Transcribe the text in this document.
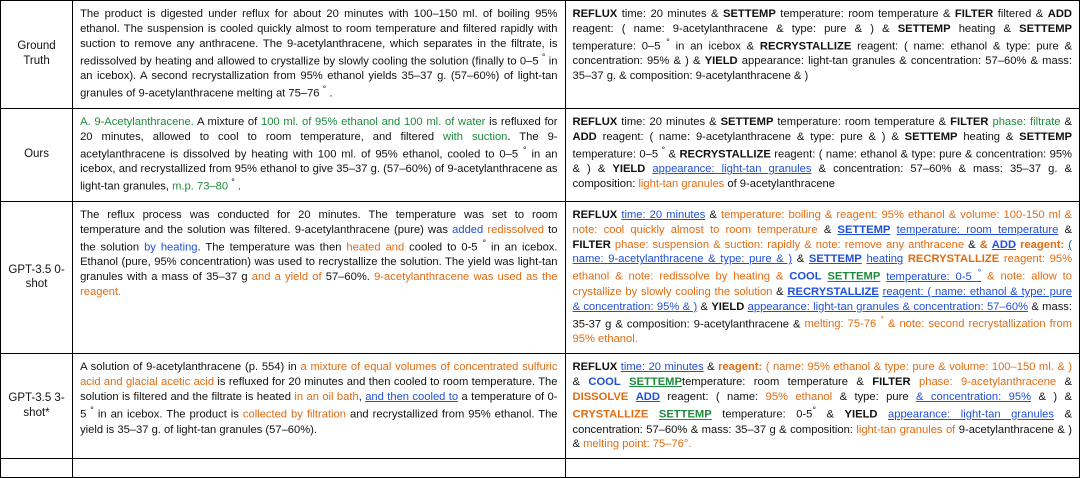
Ground Truth	The product is digested under reflux for about 20 minutes with 100–150 ml. of boiling 95% ethanol. The suspension is cooled quickly almost to room temperature and filtered rapidly with suction to remove any anthracene. The 9-acetylanthracene, which separates in the filtrate, is redissolved by heating and allowed to crystallize by slowly cooling the solution (finally to 0–5 ° in an icebox). A second recrystallization from 95% ethanol yields 35–37 g. (57–60%) of light-tan granules of 9-acetylanthracene melting at 75–76 ° .	REFLUX time: 20 minutes & SETTEMP temperature: room temperature & FILTER filtered & ADD reagent: ( name: 9-acetylanthracene & type: pure & ) & SETTEMP heating & SETTEMP temperature: 0–5 ° in an icebox & RECRYSTALLIZE reagent: ( name: ethanol & type: pure & concentration: 95% & ) & YIELD appearance: light-tan granules & concentration: 57–60% & mass: 35–37 g. & composition: 9-acetylanthracene & )
Ours	A. 9-Acetylanthracene. A mixture of 100 ml. of 95% ethanol and 100 ml. of water is refluxed for 20 minutes, allowed to cool to room temperature, and filtered with suction. The 9-acetylanthracene is dissolved by heating with 100 ml. of 95% ethanol, cooled to 0–5 ° in an icebox, and recrystallized from 95% ethanol to give 35–37 g. (57–60%) of 9-acetylanthracene as light-tan granules, m.p. 73–80 ° .	REFLUX time: 20 minutes & SETTEMP temperature: room temperature & FILTER phase: filtrate & ADD reagent: ( name: 9-acetylanthracene & type: pure & ) & SETTEMP heating & SETTEMP temperature: 0–5 ° & RECRYSTALLIZE reagent: ( name: ethanol & type: pure & concentration: 95% & ) & YIELD appearance: light-tan granules & concentration: 57–60% & mass: 35–37 g. & composition: light-tan granules of 9-acetylanthracene
GPT-3.5 0-shot	The reflux process was conducted for 20 minutes. The temperature was set to room temperature and the solution was filtered. 9-acetylanthracene (pure) was added redissolved to the solution by heating. The temperature was then heated and cooled to 0-5 ° in an icebox. Ethanol (pure, 95% concentration) was used to recrystallize the solution. The yield was light-tan granules with a mass of 35–37 g and a yield of 57–60%. 9-acetylanthracene was used as the reagent.	REFLUX time: 20 minutes & temperature: boiling & reagent: 95% ethanol & volume: 100-150 ml & note: cool quickly almost to room temperature & SETTEMP temperature: room temperature & FILTER phase: suspension & suction: rapidly & note: remove any anthracene & & ADD reagent: ( name: 9-acetylanthracene & type: pure & ) & SETTEMP heating RECRYSTALLIZE reagent: 95% ethanol & note: redissolve by heating & COOL SETTEMP temperature: 0-5 ° & note: allow to crystallize by slowly cooling the solution & RECRYSTALLIZE reagent: ( name: ethanol & type: pure & concentration: 95% & ) & YIELD appearance: light-tan granules & concentration: 57–60% & mass: 35-37 g & composition: 9-acetylanthracene & melting: 75-76 ° & note: second recrystallization from 95% ethanol.
GPT-3.5 3-shot*	A solution of 9-acetylanthracene (p. 554) in a mixture of equal volumes of concentrated sulfuric acid and glacial acetic acid is refluxed for 20 minutes and then cooled to room temperature. The solution is filtered and the filtrate is heated in an oil bath, and then cooled to a temperature of 0-5 ° in an icebox. The product is collected by filtration and recrystallized from 95% ethanol. The yield is 35–37 g. of light-tan granules (57–60%).	REFLUX time: 20 minutes & reagent: ( name: 95% ethanol & type: pure & volume: 100–150 ml. & ) & COOL SETTEMPtemperature: room temperature & FILTER phase: 9-acetylanthracene & DISSOLVE ADD reagent: ( name: 95% ethanol & type: pure & concentration: 95% & ) & CRYSTALLIZE SETTEMP temperature: 0-5° & YIELD appearance: light-tan granules & concentration: 57–60% & mass: 35–37 g & composition: light-tan granules of 9-acetylanthracene & ) & melting point: 75–76°.
